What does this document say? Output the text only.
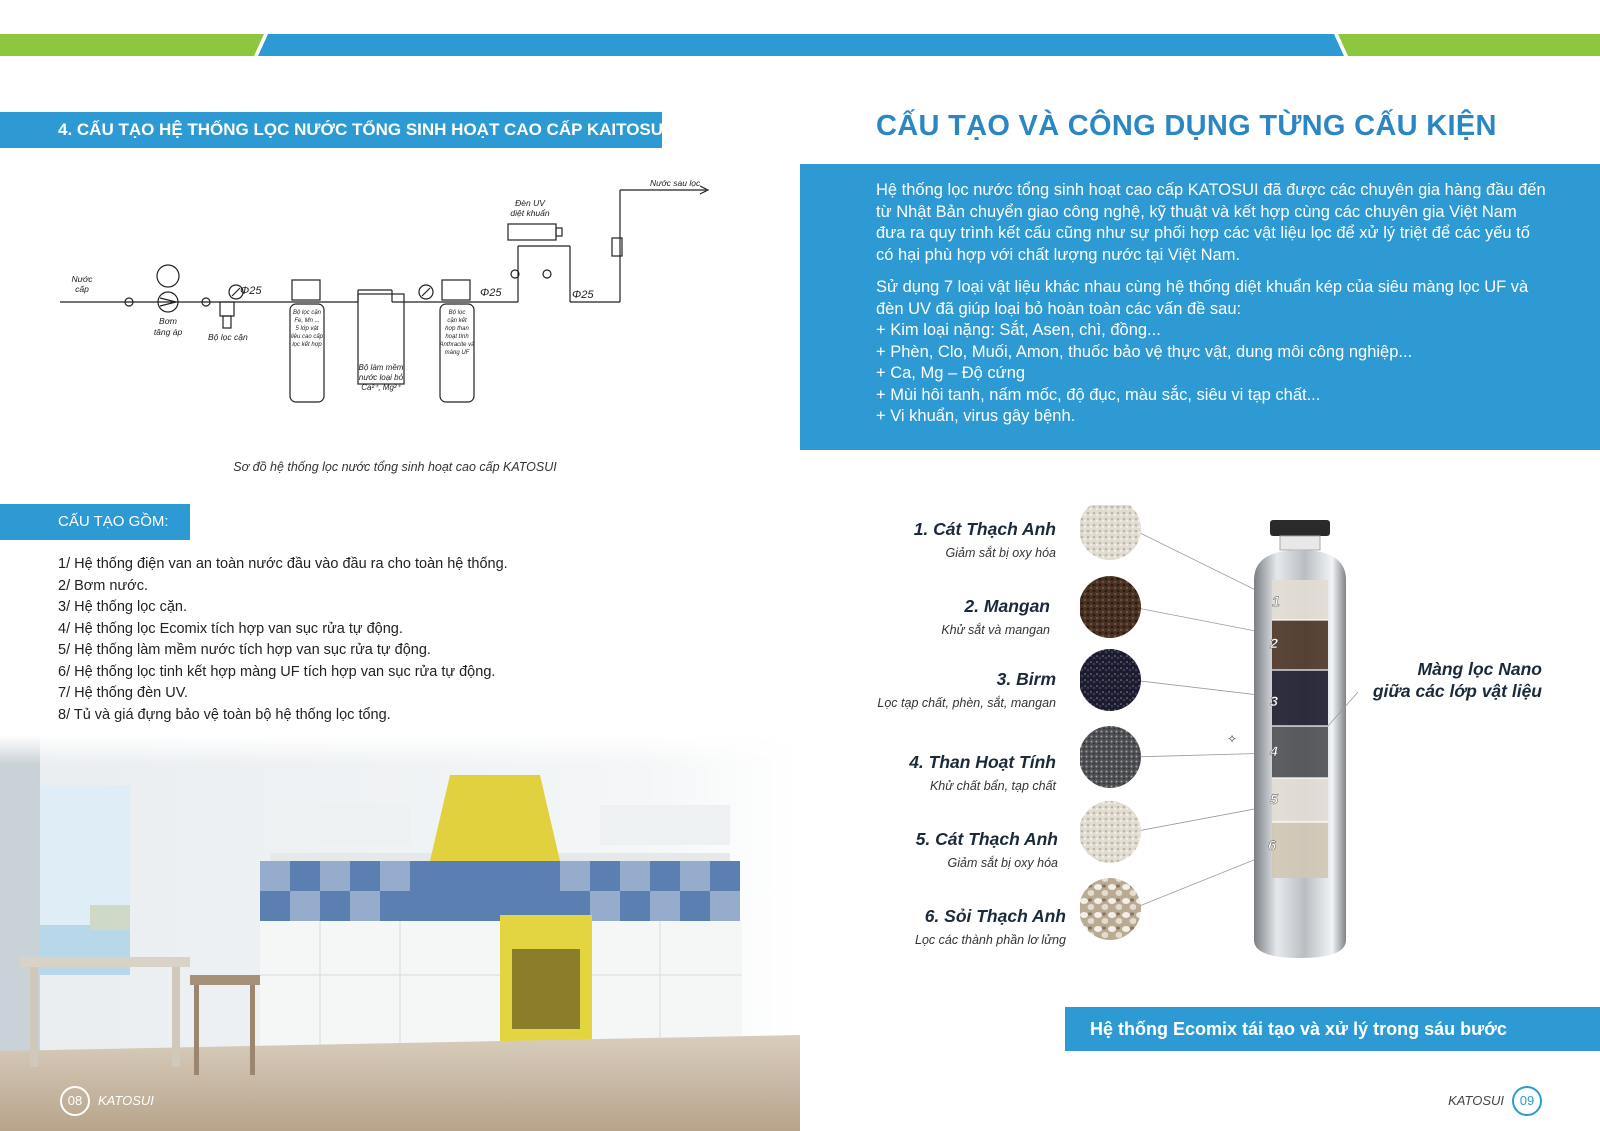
4. CẤU TẠO HỆ THỐNG LỌC NƯỚC TỔNG SINH HOẠT CAO CẤP KAITOSUI
Nước cấp
Nước sau lọc
Bơm tăng áp	Bộ lọc cặn
Đèn UV diệt khuẩn
Φ25	Φ25	Φ25
Bộ lọc cặn Fe, Mn ... 5 lớp vật liệu cao cấp lọc kết hợp
Bộ làm mềm nước loại bỏ Ca²⁺, Mg²⁺
Bộ lọc cặn kết hợp than hoạt tính Anthracite và màng UF
Sơ đồ hệ thống lọc nước tổng sinh hoạt cao cấp KATOSUI
CẤU TẠO GỒM:
1/ Hệ thống điện van an toàn nước đầu vào đầu ra cho toàn hệ thống.
2/ Bơm nước.
3/ Hệ thống lọc cặn.
4/ Hệ thống lọc Ecomix tích hợp van sục rửa tự động.
5/ Hệ thống làm mềm nước tích hợp van sục rửa tự động.
6/ Hệ thống lọc tinh kết hợp màng UF tích hợp van sục rửa tự động.
7/ Hệ thống đèn UV.
8/ Tủ và giá đựng bảo vệ toàn bộ hệ thống lọc tổng.
08 KATOSUI
CẤU TẠO VÀ CÔNG DỤNG TỪNG CẤU KIỆN

Hệ thống lọc nước tổng sinh hoạt cao cấp KATOSUI đã được các chuyên gia hàng đầu đến từ Nhật Bản chuyển giao công nghệ, kỹ thuật và kết hợp cùng các chuyên gia Việt Nam đưa ra quy trình kết cấu cũng như sự phối hợp các vật liệu lọc để xử lý triệt để các yếu tố có hại phù hợp với chất lượng nước tại Việt Nam.

Sử dụng 7 loại vật liệu khác nhau cùng hệ thống diệt khuẩn kép của siêu màng lọc UF và đèn UV đã giúp loại bỏ hoàn toàn các vấn đề sau:
+ Kim loại nặng: Sắt, Asen, chì, đồng...
+ Phèn, Clo, Muối, Amon, thuốc bảo vệ thực vật, dung môi công nghiệp...
+ Ca, Mg – Độ cứng
+ Mùi hôi tanh, nấm mốc, độ đục, màu sắc, siêu vi tạp chất...
+ Vi khuẩn, virus gây bệnh.
1. Cát Thạch Anh
Giảm sắt bị oxy hóa
2. Mangan
Khử sắt và mangan
3. Birm
Lọc tạp chất, phèn, sắt, mangan
4. Than Hoạt Tính
Khử chất bẩn, tạp chất
5. Cát Thạch Anh
Giảm sắt bị oxy hóa
6. Sỏi Thạch Anh
Lọc các thành phần lơ lửng
1
2
3
4
5
6
✧
Màng lọc Nano
giữa các lớp vật liệu
Hệ thống Ecomix tái tạo và xử lý trong sáu bước
KATOSUI 09
